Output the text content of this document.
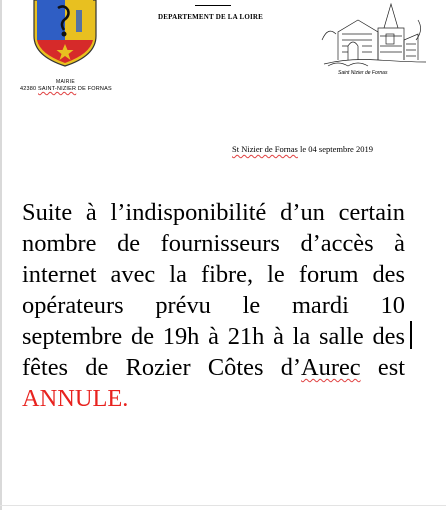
MAIRIE
42380 SAINT-NIZIER DE FORNAS
DEPARTEMENT DE LA LOIRE
Saint Nizier de Fornas
St Nizier de Fornas le 04 septembre 2019
Suite à l’indisponibilité d’un certain nombre de fournisseurs d’accès à internet avec la fibre, le forum des opérateurs prévu le mardi 10 septembre de 19h à 21h à la salle des fêtes de Rozier Côtes d’Aurec est ANNULE.
